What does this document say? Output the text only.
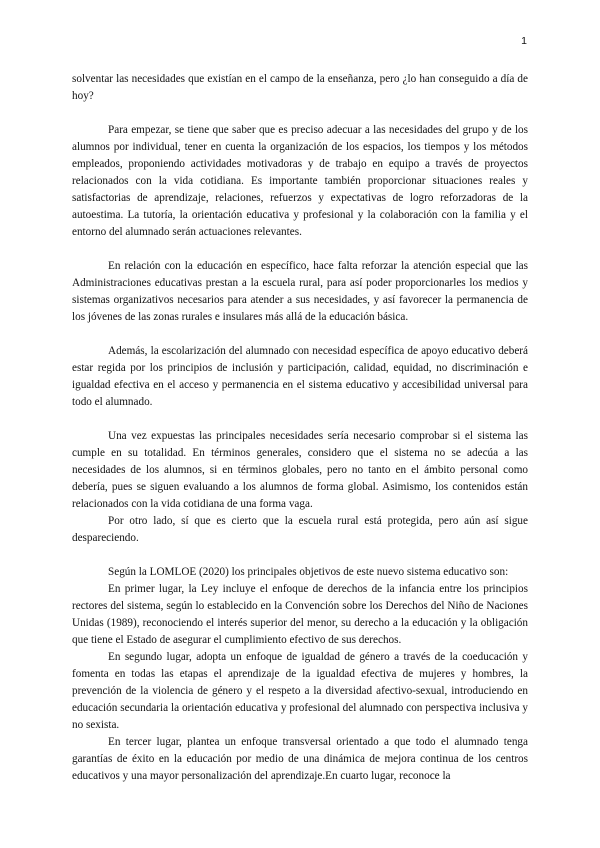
1

solventar las necesidades que existían en el campo de la enseñanza, pero ¿lo han conseguido a día de hoy?

Para empezar, se tiene que saber que es preciso adecuar a las necesidades del grupo y de los alumnos por individual, tener en cuenta la organización de los espacios, los tiempos y los métodos empleados, proponiendo actividades motivadoras y de trabajo en equipo a través de proyectos relacionados con la vida cotidiana. Es importante también proporcionar situaciones reales y satisfactorias de aprendizaje, relaciones, refuerzos y expectativas de logro reforzadoras de la autoestima. La tutoría, la orientación educativa y profesional y la colaboración con la familia y el entorno del alumnado serán actuaciones relevantes.

En relación con la educación en específico, hace falta reforzar la atención especial que las Administraciones educativas prestan a la escuela rural, para así poder proporcionarles los medios y sistemas organizativos necesarios para atender a sus necesidades, y así favorecer la permanencia de los jóvenes de las zonas rurales e insulares más allá de la educación básica.

Además, la escolarización del alumnado con necesidad específica de apoyo educativo deberá estar regida por los principios de inclusión y participación, calidad, equidad, no discriminación e igualdad efectiva en el acceso y permanencia en el sistema educativo y accesibilidad universal para todo el alumnado.

Una vez expuestas las principales necesidades sería necesario comprobar si el sistema las cumple en su totalidad. En términos generales, considero que el sistema no se adecúa a las necesidades de los alumnos, si en términos globales, pero no tanto en el ámbito personal como debería, pues se siguen evaluando a los alumnos de forma global. Asimismo, los contenidos están relacionados con la vida cotidiana de una forma vaga.

Por otro lado, sí que es cierto que la escuela rural está protegida, pero aún así sigue despareciendo.

Según la LOMLOE (2020) los principales objetivos de este nuevo sistema educativo son:

En primer lugar, la Ley incluye el enfoque de derechos de la infancia entre los principios rectores del sistema, según lo establecido en la Convención sobre los Derechos del Niño de Naciones Unidas (1989), reconociendo el interés superior del menor, su derecho a la educación y la obligación que tiene el Estado de asegurar el cumplimiento efectivo de sus derechos.

En segundo lugar, adopta un enfoque de igualdad de género a través de la coeducación y fomenta en todas las etapas el aprendizaje de la igualdad efectiva de mujeres y hombres, la prevención de la violencia de género y el respeto a la diversidad afectivo-sexual, introduciendo en educación secundaria la orientación educativa y profesional del alumnado con perspectiva inclusiva y no sexista.

En tercer lugar, plantea un enfoque transversal orientado a que todo el alumnado tenga garantías de éxito en la educación por medio de una dinámica de mejora continua de los centros educativos y una mayor personalización del aprendizaje.En cuarto lugar, reconoce la
